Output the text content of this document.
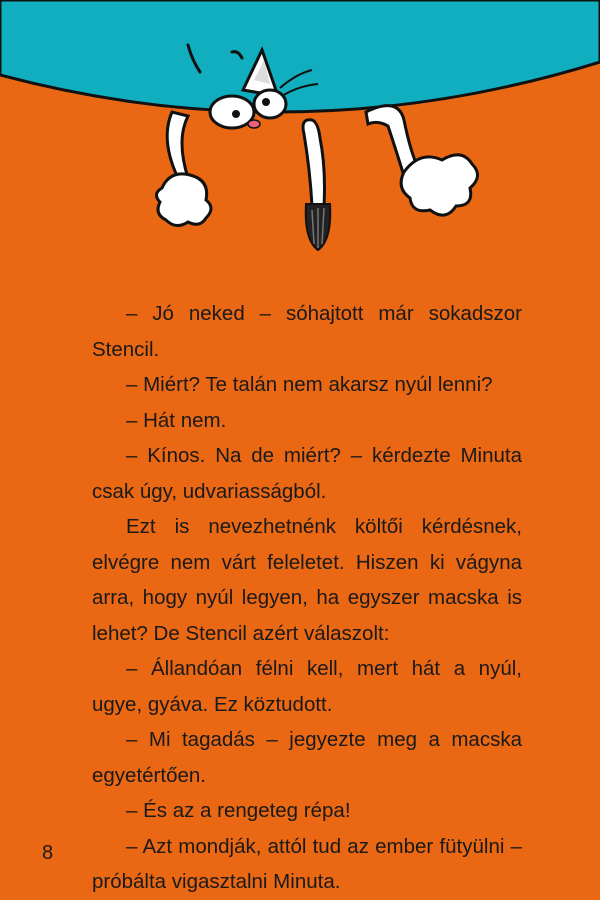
– Jó neked – sóhajtott már sokadszor Stencil.

– Miért? Te talán nem akarsz nyúl lenni?

– Hát nem.

– Kínos. Na de miért? – kérdezte Minuta csak úgy, udvariasságból.

Ezt is nevezhetnénk költői kérdésnek, elvégre nem várt feleletet. Hiszen ki vágyna arra, hogy nyúl legyen, ha egyszer macska is lehet? De Stencil azért válaszolt:

– Állandóan félni kell, mert hát a nyúl, ugye, gyáva. Ez köztudott.

– Mi tagadás – jegyezte meg a macska egyetértően.

– És az a rengeteg répa!

– Azt mondják, attól tud az ember fütyülni – próbálta vigasztalni Minuta.

8
